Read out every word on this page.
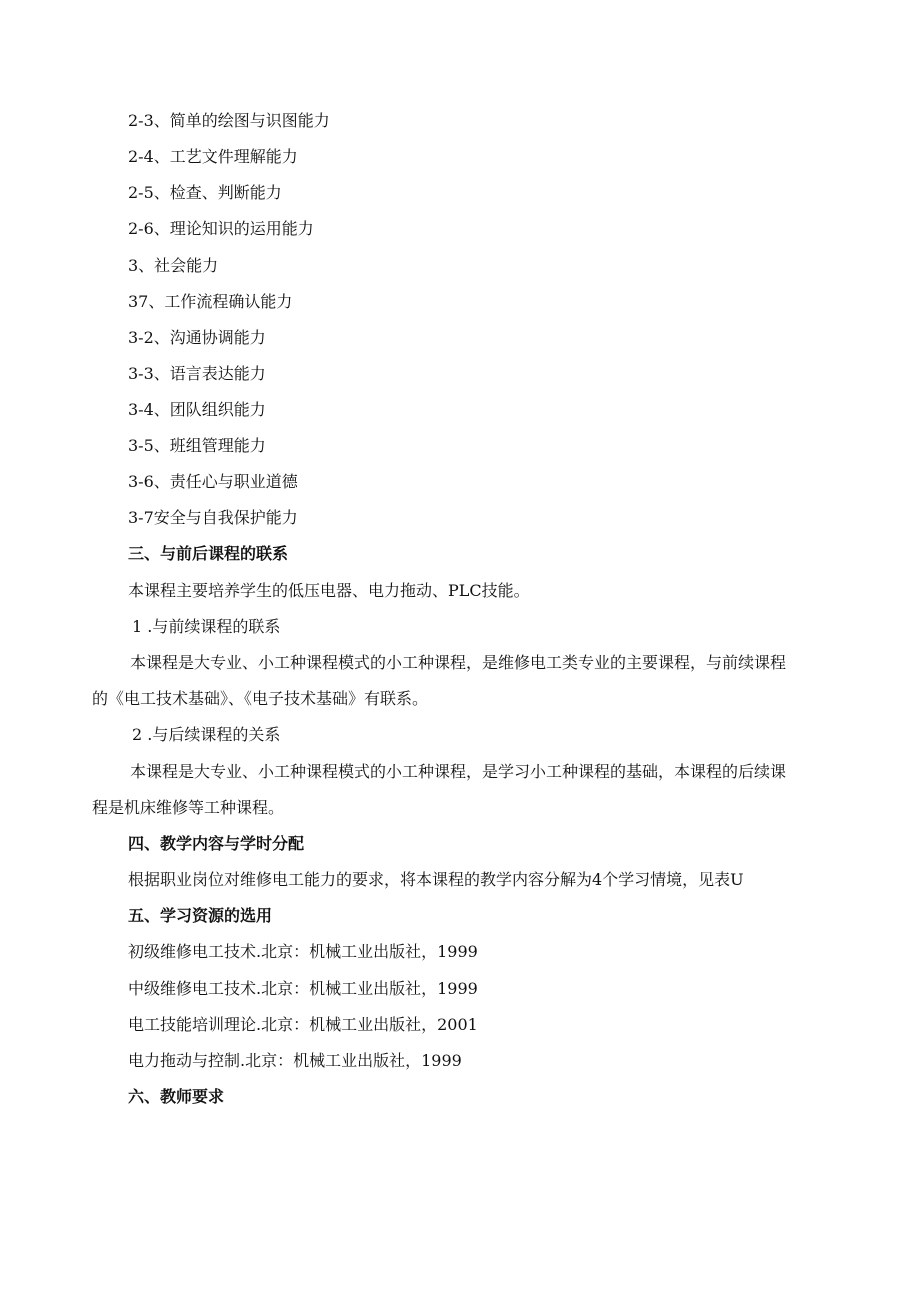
2-3、简单的绘图与识图能力
2-4、工艺文件理解能力
2-5、检查、判断能力
2-6、理论知识的运用能力
3、社会能力
37、工作流程确认能力
3-2、沟通协调能力
3-3、语言表达能力
3-4、团队组织能力
3-5、班组管理能力
3-6、责任心与职业道德
3-7安全与自我保护能力
三、与前后课程的联系
本课程主要培养学生的低压电器、电力拖动、PLC技能。
1 .与前续课程的联系
本课程是大专业、小工种课程模式的小工种课程，是维修电工类专业的主要课程，与前续课程
的《电工技术基础》、《电子技术基础》有联系。
2 .与后续课程的关系
本课程是大专业、小工种课程模式的小工种课程，是学习小工种课程的基础，本课程的后续课
程是机床维修等工种课程。
四、教学内容与学时分配
根据职业岗位对维修电工能力的要求，将本课程的教学内容分解为4个学习情境，见表U
五、学习资源的选用
初级维修电工技术.北京：机械工业出版社，1999
中级维修电工技术.北京：机械工业出版社，1999
电工技能培训理论.北京：机械工业出版社，2001
电力拖动与控制.北京：机械工业出版社，1999
六、教师要求
